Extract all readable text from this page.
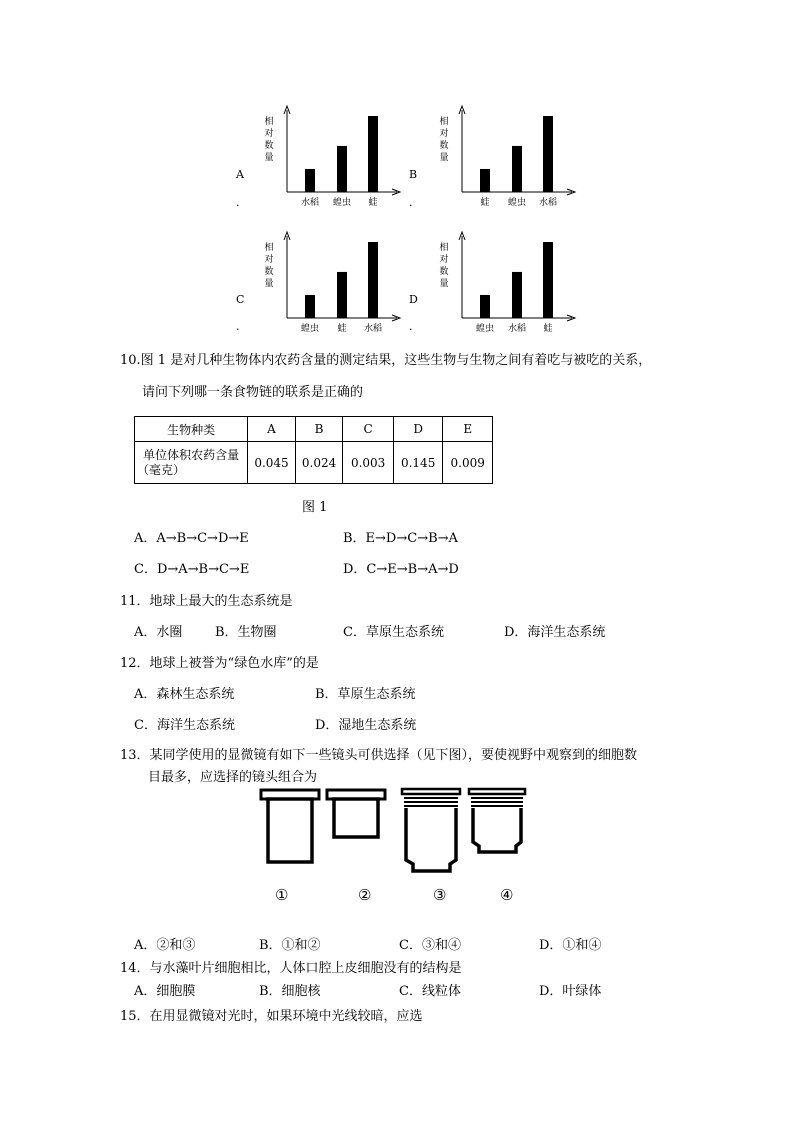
A
.
相
对
数
量
水稻 蝗虫 蛙
B
.
相
对
数
量
蛙 蝗虫 水稻
C
.
相
对
数
量
蝗虫 蛙 水稻
D
.
相
对
数
量
蝗虫 水稻 蛙
10.图 1 是对几种生物体内农药含量的测定结果，这些生物与生物之间有着吃与被吃的关系，
请问下列哪一条食物链的联系是正确的
生物种类	A	B	C	D	E

单位体积农药含量
（毫克）	0.045	0.024	0.003	0.145	0.009
图 1
A．A→B→C→D→E	B．E→D→C→B→A
C．D→A→B→C→E	D．C→E→B→A→D
11．地球上最大的生态系统是
A．水圈	B．生物圈	C．草原生态系统	D．海洋生态系统
12．地球上被誉为“绿色水库”的是
A．森林生态系统	B．草原生态系统
C．海洋生态系统	D．湿地生态系统
13．某同学使用的显微镜有如下一些镜头可供选择（见下图），要使视野中观察到的细胞数
目最多，应选择的镜头组合为
①	②	③	④
A．②和③	B．①和②	C．③和④	D．①和④
14．与水藻叶片细胞相比，人体口腔上皮细胞没有的结构是
A．细胞膜	B．细胞核	C．线粒体	D．叶绿体
15．在用显微镜对光时，如果环境中光线较暗，应选
